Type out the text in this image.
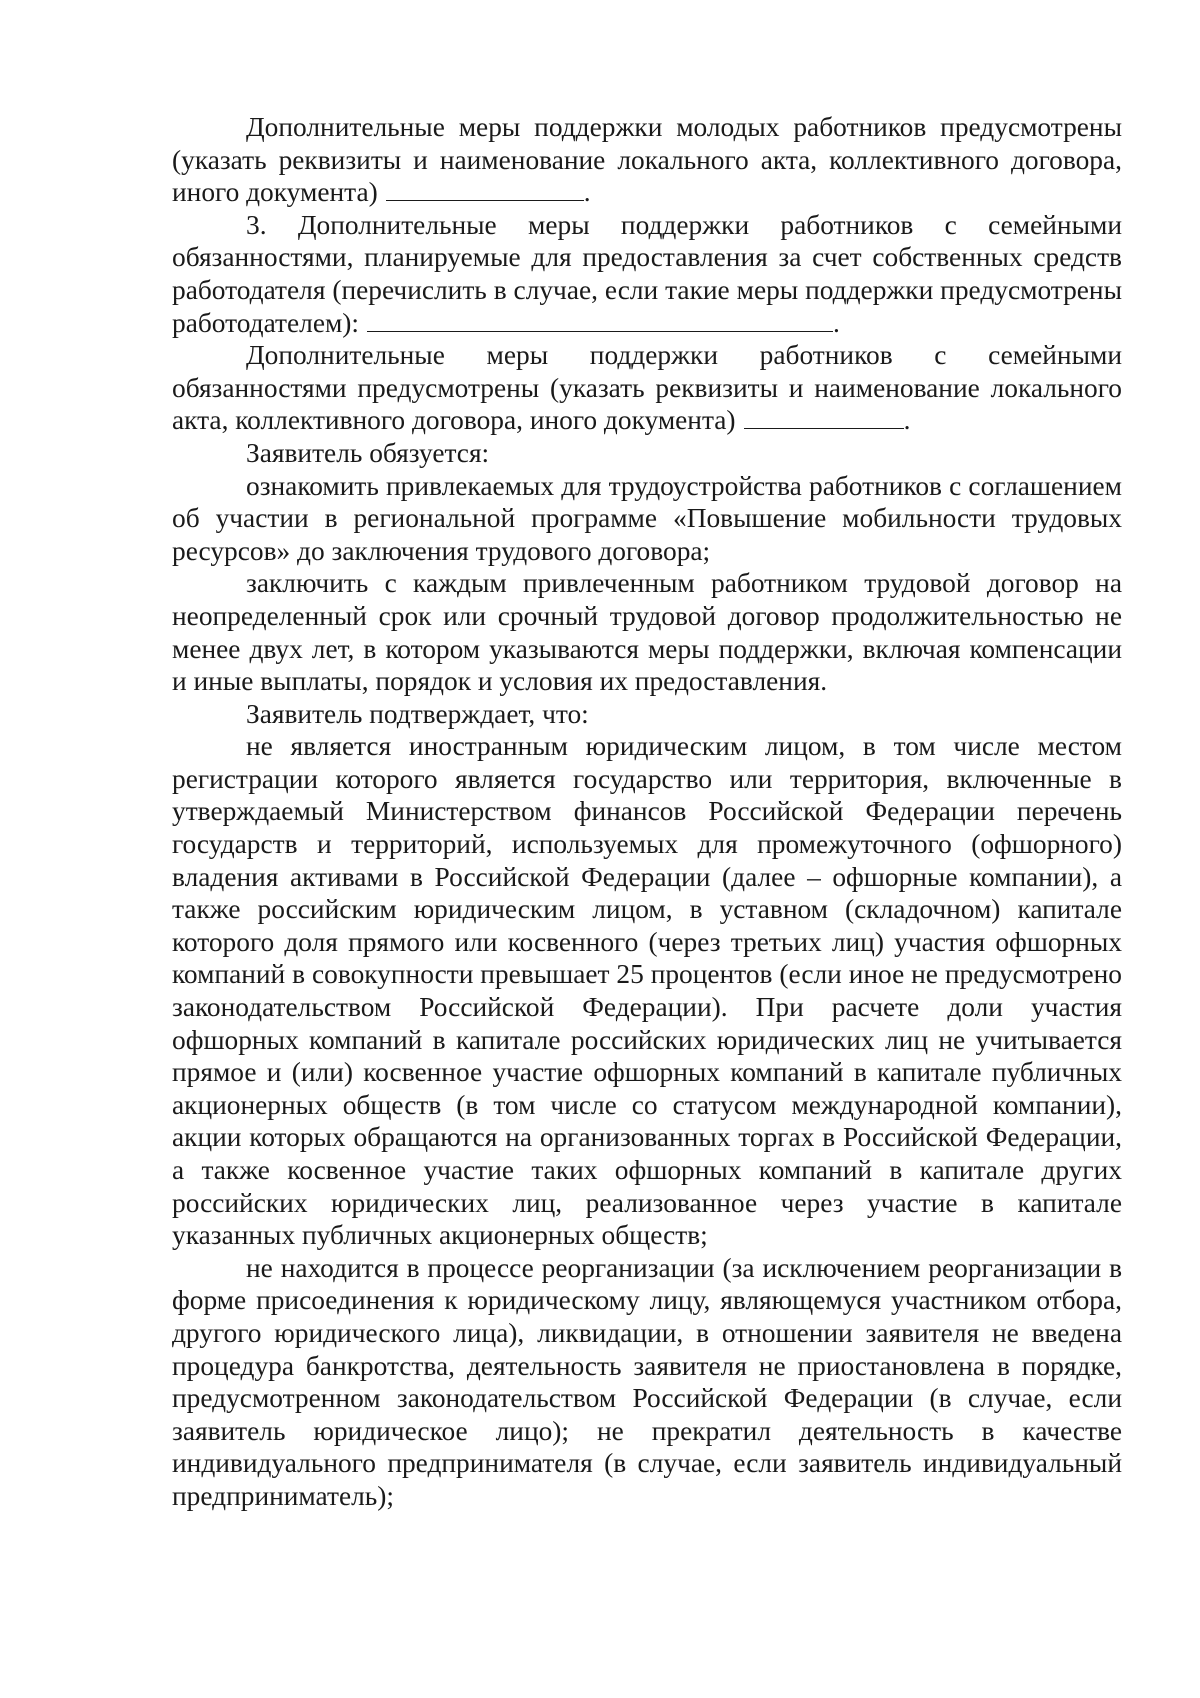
Дополнительные меры поддержки молодых работников предусмотрены (указать реквизиты и наименование локального акта, коллективного договора, иного документа)	.

3. Дополнительные меры поддержки работников с семейными обязанностями, планируемые для предоставления за счет собственных средств работодателя (перечислить в случае, если такие меры поддержки предусмотрены работодателем):	.

Дополнительные меры поддержки работников с семейными обязанностями предусмотрены (указать реквизиты и наименование локального акта, коллективного договора, иного документа)	.

Заявитель обязуется:

ознакомить привлекаемых для трудоустройства работников с соглашением об участии в региональной программе «Повышение мобильности трудовых ресурсов» до заключения трудового договора;

заключить с каждым привлеченным работником трудовой договор на неопределенный срок или срочный трудовой договор продолжительностью не менее двух лет, в котором указываются меры поддержки, включая компенсации и иные выплаты, порядок и условия их предоставления.

Заявитель подтверждает, что:

не является иностранным юридическим лицом, в том числе местом регистрации которого является государство или территория, включенные в утверждаемый Министерством финансов Российской Федерации перечень государств и территорий, используемых для промежуточного (офшорного) владения активами в Российской Федерации (далее – офшорные компании), а также российским юридическим лицом, в уставном (складочном) капитале которого доля прямого или косвенного (через третьих лиц) участия офшорных компаний в совокупности превышает 25 процентов (если иное не предусмотрено законодательством Российской Федерации). При расчете доли участия офшорных компаний в капитале российских юридических лиц не учитывается прямое и (или) косвенное участие офшорных компаний в капитале публичных акционерных обществ (в том числе со статусом международной компании), акции которых обращаются на организованных торгах в Российской Федерации, а также косвенное участие таких офшорных компаний в капитале других российских юридических лиц, реализованное через участие в капитале указанных публичных акционерных обществ;

не находится в процессе реорганизации (за исключением реорганизации в форме присоединения к юридическому лицу, являющемуся участником отбора, другого юридического лица), ликвидации, в отношении заявителя не введена процедура банкротства, деятельность заявителя не приостановлена в порядке, предусмотренном законодательством Российской Федерации (в случае, если заявитель юридическое лицо); не прекратил деятельность в качестве индивидуального предпринимателя (в случае, если заявитель индивидуальный предприниматель);
